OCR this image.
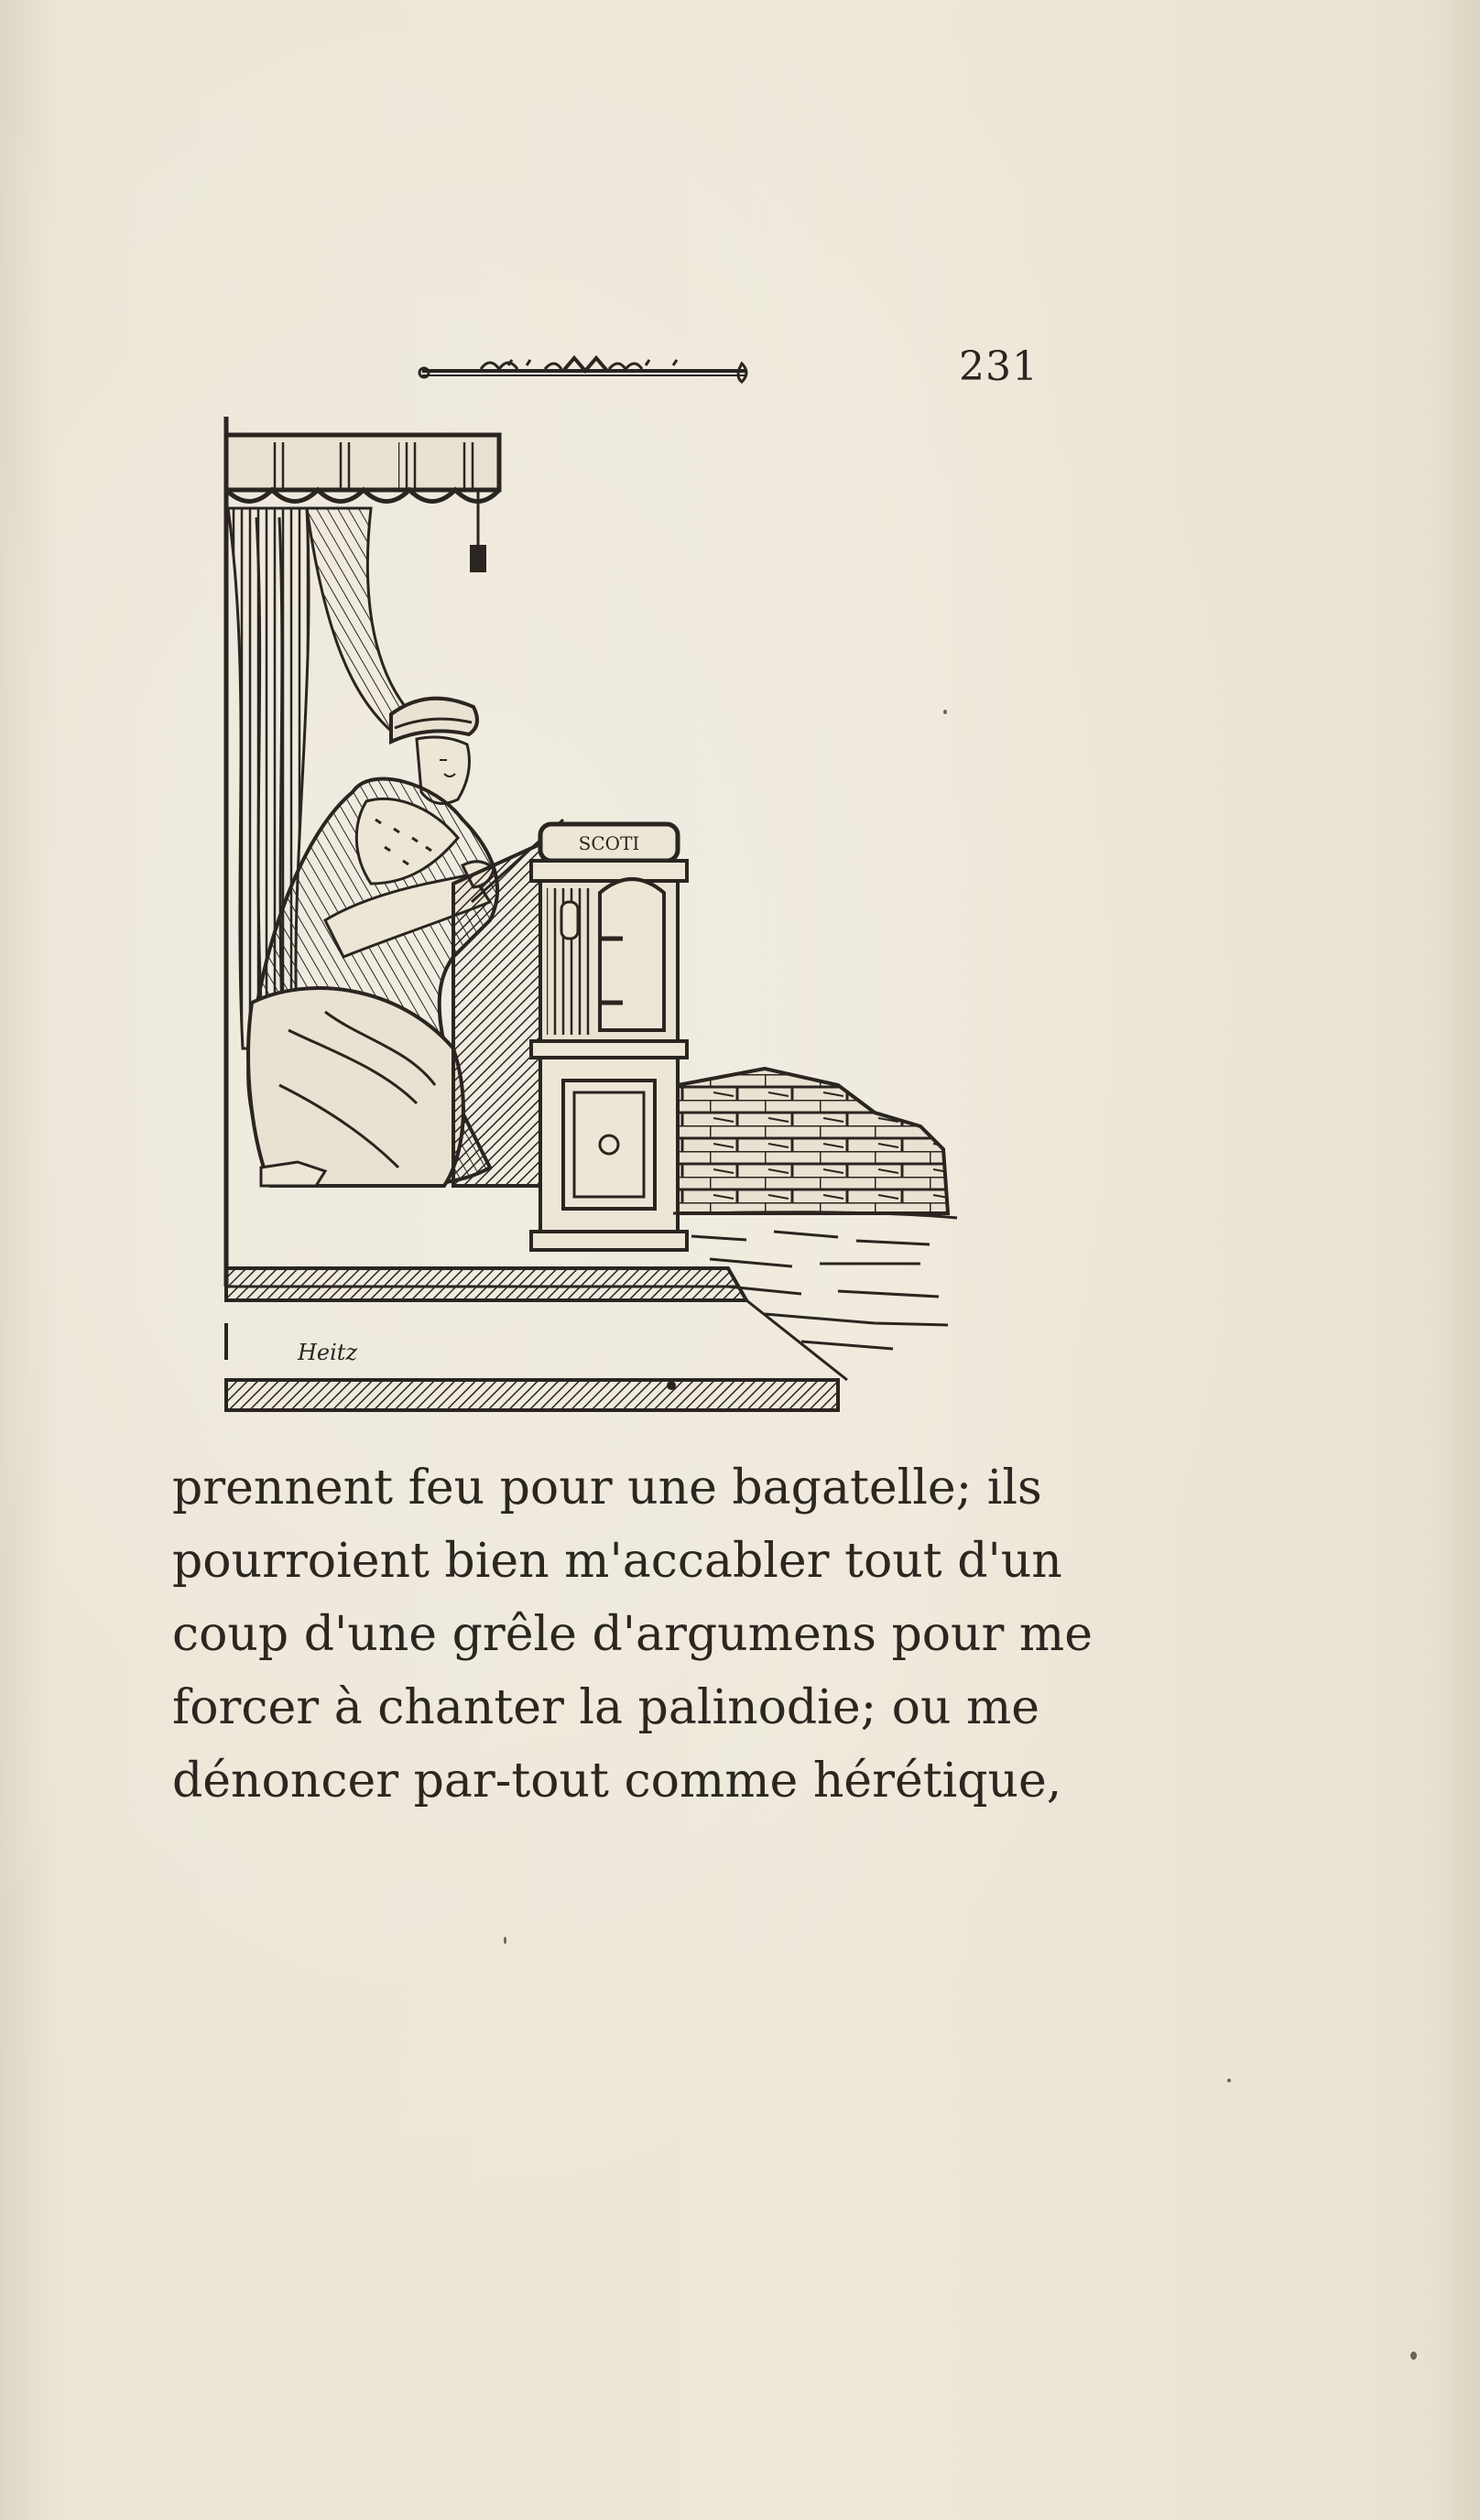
231
SCOTI
Heitz
prennent feu pour une bagatelle; ils
pourroient bien m'accabler tout d'un
coup d'une grêle d'argumens pour me
forcer à chanter la palinodie; ou me
dénoncer par-tout comme hérétique,
